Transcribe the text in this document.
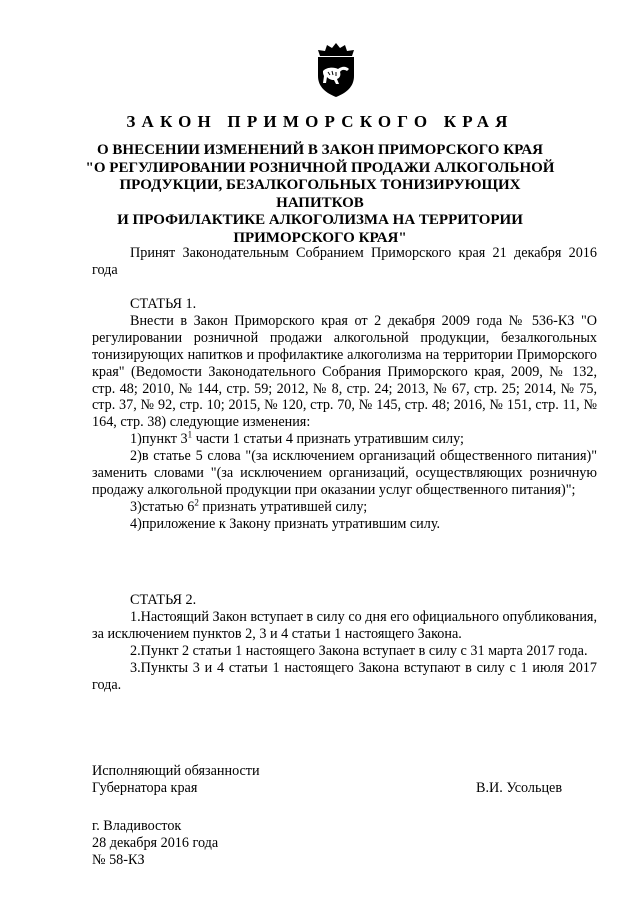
ЗАКОН ПРИМОРСКОГО КРАЯ
О ВНЕСЕНИИ ИЗМЕНЕНИЙ В ЗАКОН ПРИМОРСКОГО КРАЯ
"О РЕГУЛИРОВАНИИ РОЗНИЧНОЙ ПРОДАЖИ АЛКОГОЛЬНОЙ
ПРОДУКЦИИ, БЕЗАЛКОГОЛЬНЫХ ТОНИЗИРУЮЩИХ НАПИТКОВ
И ПРОФИЛАКТИКЕ АЛКОГОЛИЗМА НА ТЕРРИТОРИИ
ПРИМОРСКОГО КРАЯ"

Принят Законодательным Собранием Приморского края 21 декабря 2016 года

СТАТЬЯ 1.

Внести в Закон Приморского края от 2 декабря 2009 года № 536-КЗ "О регулировании розничной продажи алкогольной продукции, безалкогольных тонизирующих напитков и профилактике алкоголизма на территории Приморского края" (Ведомости Законодательного Собрания Приморского края, 2009, № 132, стр. 48; 2010, № 144, стр. 59; 2012, № 8, стр. 24; 2013, № 67, стр. 25; 2014, № 75, стр. 37, № 92, стр. 10; 2015, № 120, стр. 70, № 145, стр. 48; 2016, № 151, стр. 11, № 164, стр. 38) следующие изменения:

1)пункт $3^1$ части 1 статьи 4 признать утратившим силу;

2)в статье 5 слова "(за исключением организаций общественного питания)" заменить словами "(за исключением организаций, осуществляющих розничную продажу алкогольной продукции при оказании услуг общественного питания)";

3)статью $6^2$ признать утратившей силу;

4)приложение к Закону признать утратившим силу.

СТАТЬЯ 2.

1.Настоящий Закон вступает в силу со дня его официального опубликования, за исключением пунктов 2, 3 и 4 статьи 1 настоящего Закона.

2.Пункт 2 статьи 1 настоящего Закона вступает в силу с 31 марта 2017 года.

3.Пункты 3 и 4 статьи 1 настоящего Закона вступают в силу с 1 июля 2017 года.

Исполняющий обязанности
Губернатора края	В.И. Усольцев
г. Владивосток
28 декабря 2016 года
№ 58-КЗ
